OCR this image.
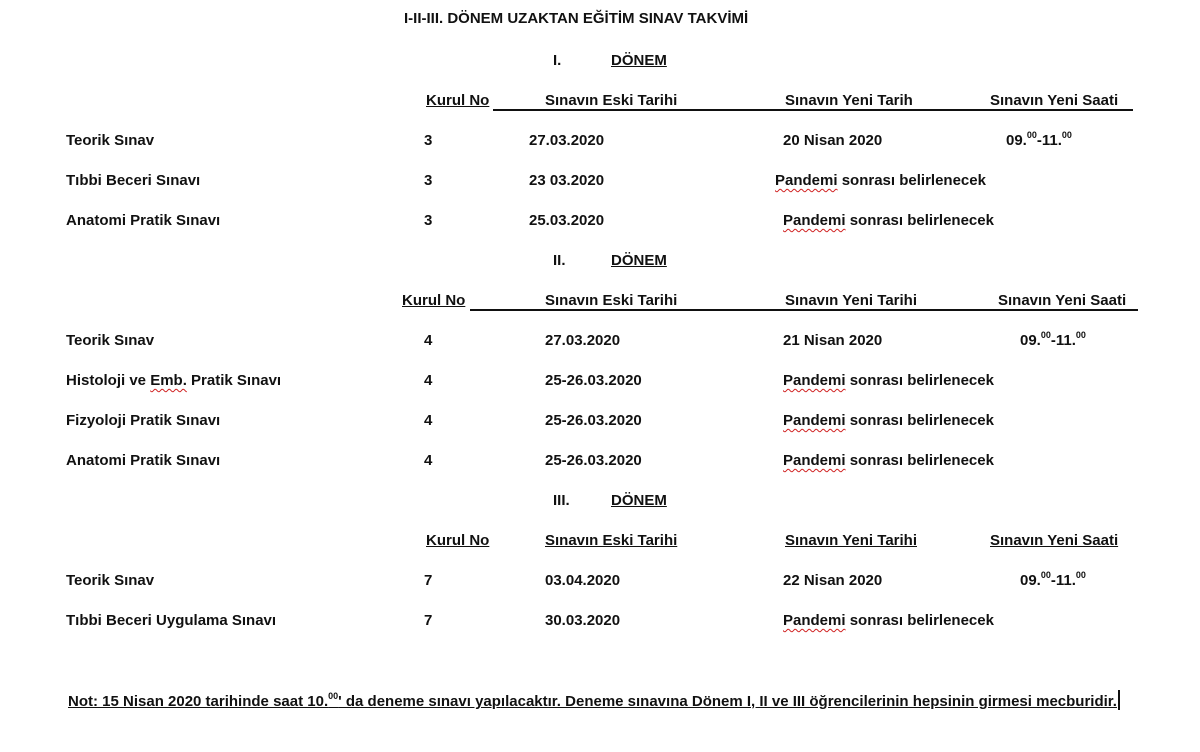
I-II-III. DÖNEM UZAKTAN EĞİTİM SINAV TAKVİMİ
I.	DÖNEM
Kurul No	Sınavın Eski Tarihi	Sınavın Yeni Tarih	Sınavın Yeni Saati
Teorik Sınav	3	27.03.2020	20 Nisan 2020	09.00-11.00
Tıbbi Beceri Sınavı	3	23 03.2020	Pandemi sonrası belirlenecek
Anatomi Pratik Sınavı	3	25.03.2020	Pandemi sonrası belirlenecek
II.	DÖNEM
Kurul No	Sınavın Eski Tarihi	Sınavın Yeni Tarihi	Sınavın Yeni Saati
Teorik Sınav	4	27.03.2020	21 Nisan 2020	09.00-11.00
Histoloji ve Emb. Pratik Sınavı	4	25-26.03.2020	Pandemi sonrası belirlenecek
Fizyoloji Pratik Sınavı	4	25-26.03.2020	Pandemi sonrası belirlenecek
Anatomi Pratik Sınavı	4	25-26.03.2020	Pandemi sonrası belirlenecek
III.	DÖNEM
Kurul No	Sınavın Eski Tarihi	Sınavın Yeni Tarihi	Sınavın Yeni Saati
Teorik Sınav	7	03.04.2020	22 Nisan 2020	09.00-11.00
Tıbbi Beceri Uygulama Sınavı	7	30.03.2020	Pandemi sonrası belirlenecek
Not: 15 Nisan 2020 tarihinde saat 10.00' da deneme sınavı yapılacaktır. Deneme sınavına Dönem I, II ve III öğrencilerinin hepsinin girmesi mecburidir.
